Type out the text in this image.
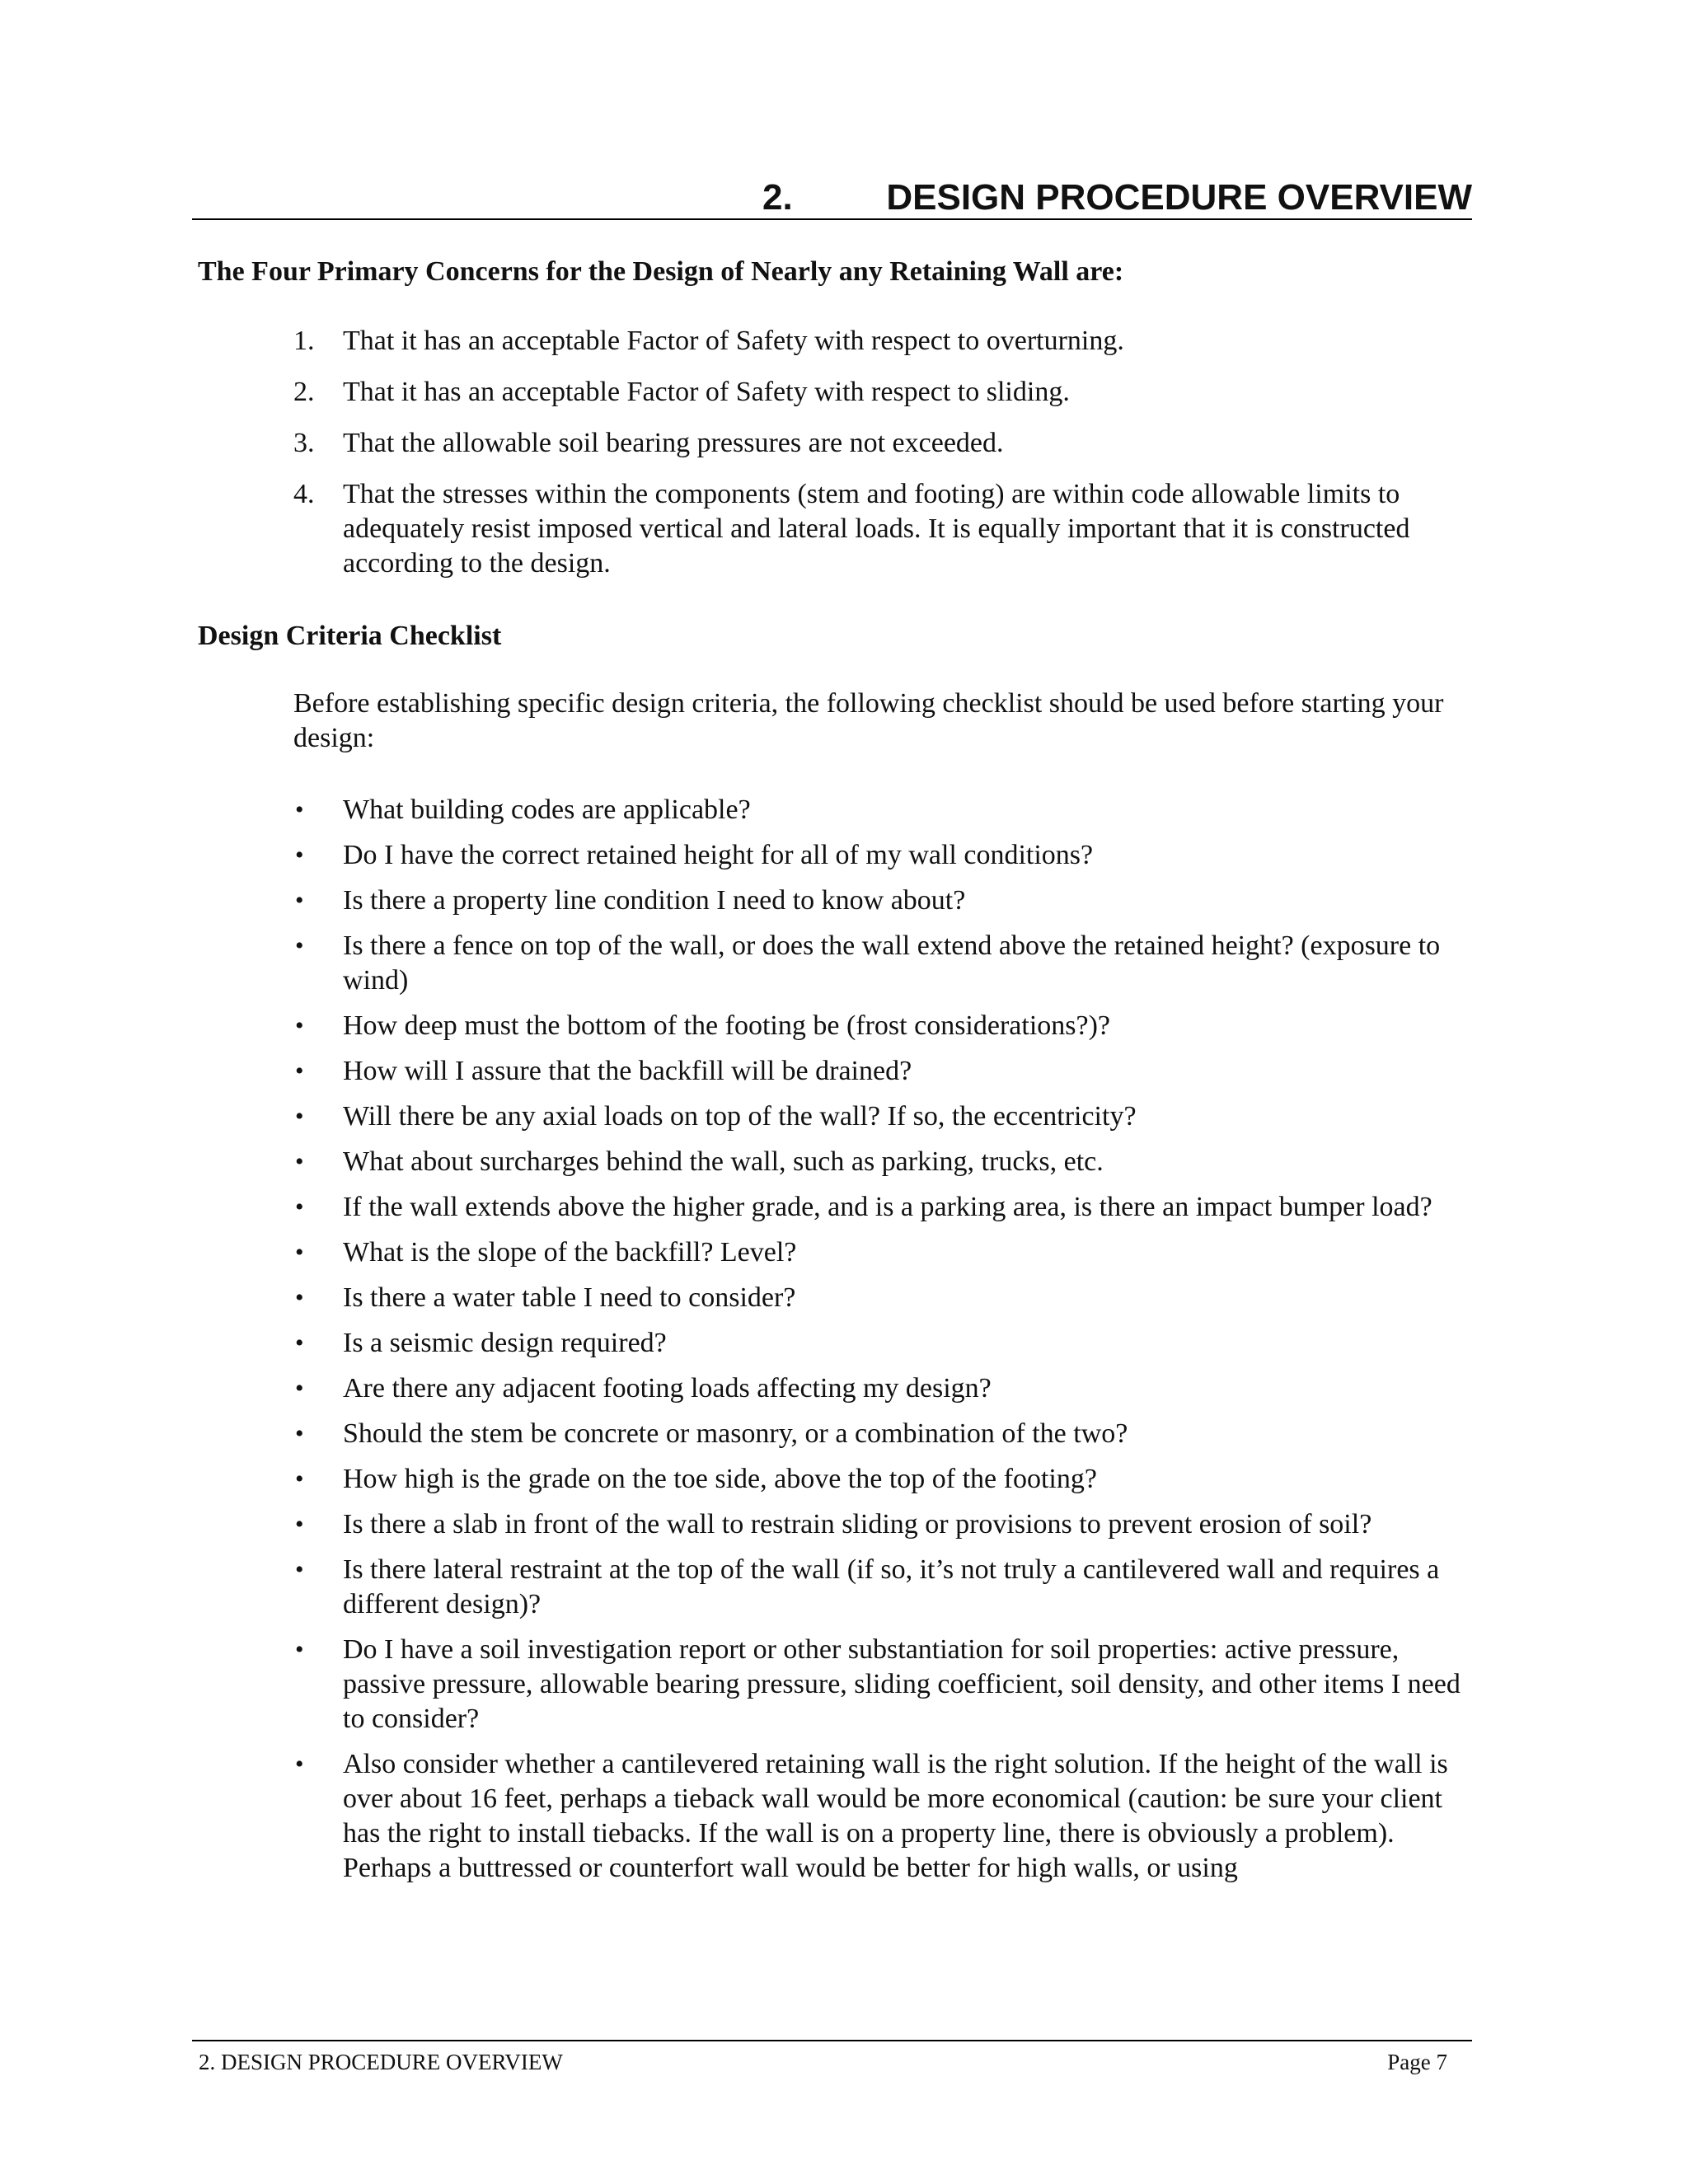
2.	DESIGN PROCEDURE OVERVIEW

The Four Primary Concerns for the Design of Nearly any Retaining Wall are:

1. That it has an acceptable Factor of Safety with respect to overturning.
2. That it has an acceptable Factor of Safety with respect to sliding.
3. That the allowable soil bearing pressures are not exceeded.
4. That the stresses within the components (stem and footing) are within code allowable limits to adequately resist imposed vertical and lateral loads. It is equally important that it is constructed according to the design.

Design Criteria Checklist

Before establishing specific design criteria, the following checklist should be used before starting your design:

• What building codes are applicable?
• Do I have the correct retained height for all of my wall conditions?
• Is there a property line condition I need to know about?
• Is there a fence on top of the wall, or does the wall extend above the retained height? (exposure to wind)
• How deep must the bottom of the footing be (frost considerations?)?
• How will I assure that the backfill will be drained?
• Will there be any axial loads on top of the wall? If so, the eccentricity?
• What about surcharges behind the wall, such as parking, trucks, etc.
• If the wall extends above the higher grade, and is a parking area, is there an impact bumper load?
• What is the slope of the backfill? Level?
• Is there a water table I need to consider?
• Is a seismic design required?
• Are there any adjacent footing loads affecting my design?
• Should the stem be concrete or masonry, or a combination of the two?
• How high is the grade on the toe side, above the top of the footing?
• Is there a slab in front of the wall to restrain sliding or provisions to prevent erosion of soil?
• Is there lateral restraint at the top of the wall (if so, it’s not truly a cantilevered wall and requires a different design)?
• Do I have a soil investigation report or other substantiation for soil properties: active pressure, passive pressure, allowable bearing pressure, sliding coefficient, soil density, and other items I need to consider?
• Also consider whether a cantilevered retaining wall is the right solution. If the height of the wall is over about 16 feet, perhaps a tieback wall would be more economical (caution: be sure your client has the right to install tiebacks. If the wall is on a property line, there is obviously a problem). Perhaps a buttressed or counterfort wall would be better for high walls, or using
2. DESIGN PROCEDURE OVERVIEW	Page 7
